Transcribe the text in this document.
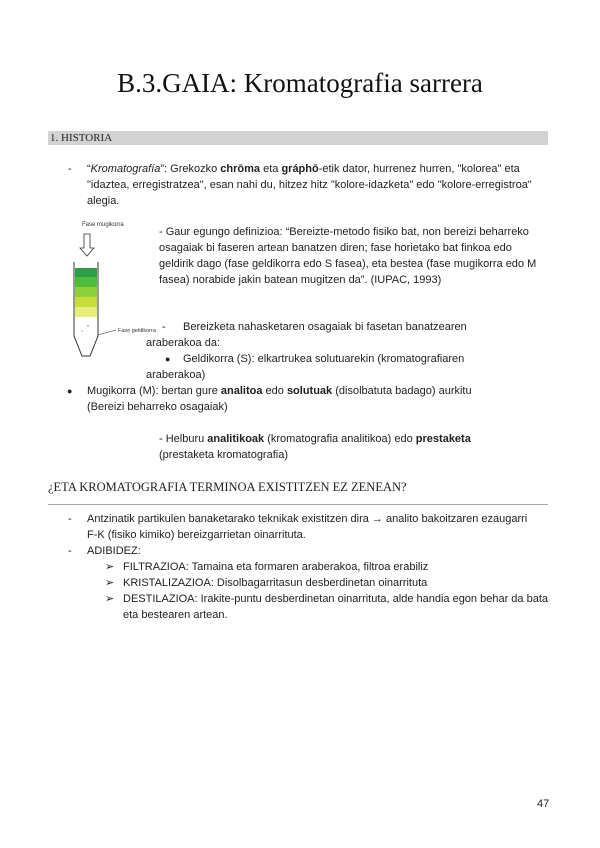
B.3.GAIA: Kromatografia sarrera
1. HISTORIA
- “Kromatografía”: Grekozko chrōma eta gráphō-etik dator, hurrenez hurren, "kolorea" eta "idaztea, erregistratzea", esan nahi du, hitzez hitz "kolore-idazketa" edo "kolore-erregistroa" alegia.
Fase mugikorra
Fase geldikorra
- Gaur egungo definizioa: “Bereizte-metodo fisiko bat, non bereizi beharreko osagaiak bi faseren artean banatzen diren; fase horietako bat finkoa edo geldirik dago (fase geldikorra edo S fasea), eta bestea (fase mugikorra edo M fasea) norabide jakin batean mugitzen da”. (IUPAC, 1993)
- Bereizketa nahasketaren osagaiak bi fasetan banatzearen
araberakoa da:
● Geldikorra (S): elkartrukea solutuarekin (kromatografiaren
araberakoa)
● Mugikorra (M): bertan gure analitoa edo solutuak (disolbatuta badago) aurkitu
(Bereizi beharreko osagaiak)
- Helburu analitikoak (kromatografia analitikoa) edo prestaketa
(prestaketa kromatografia)
¿ETA KROMATOGRAFIA TERMINOA EXISTITZEN EZ ZENEAN?
- Antzinatik partikulen banaketarako teknikak existitzen dira → analito bakoitzaren ezaugarri F-K (fisiko kimiko) bereizgarrietan oinarrituta.
- ADIBIDEZ:
➢ FILTRAZIOA: Tamaina eta formaren araberakoa, filtroa erabiliz
➢ KRISTALIZAZIOA: Disolbagarritasun desberdinetan oinarrituta
➢ DESTILAZIOA: Irakite-puntu desberdinetan oinarrituta, alde handia egon behar da bata eta bestearen artean.
47
